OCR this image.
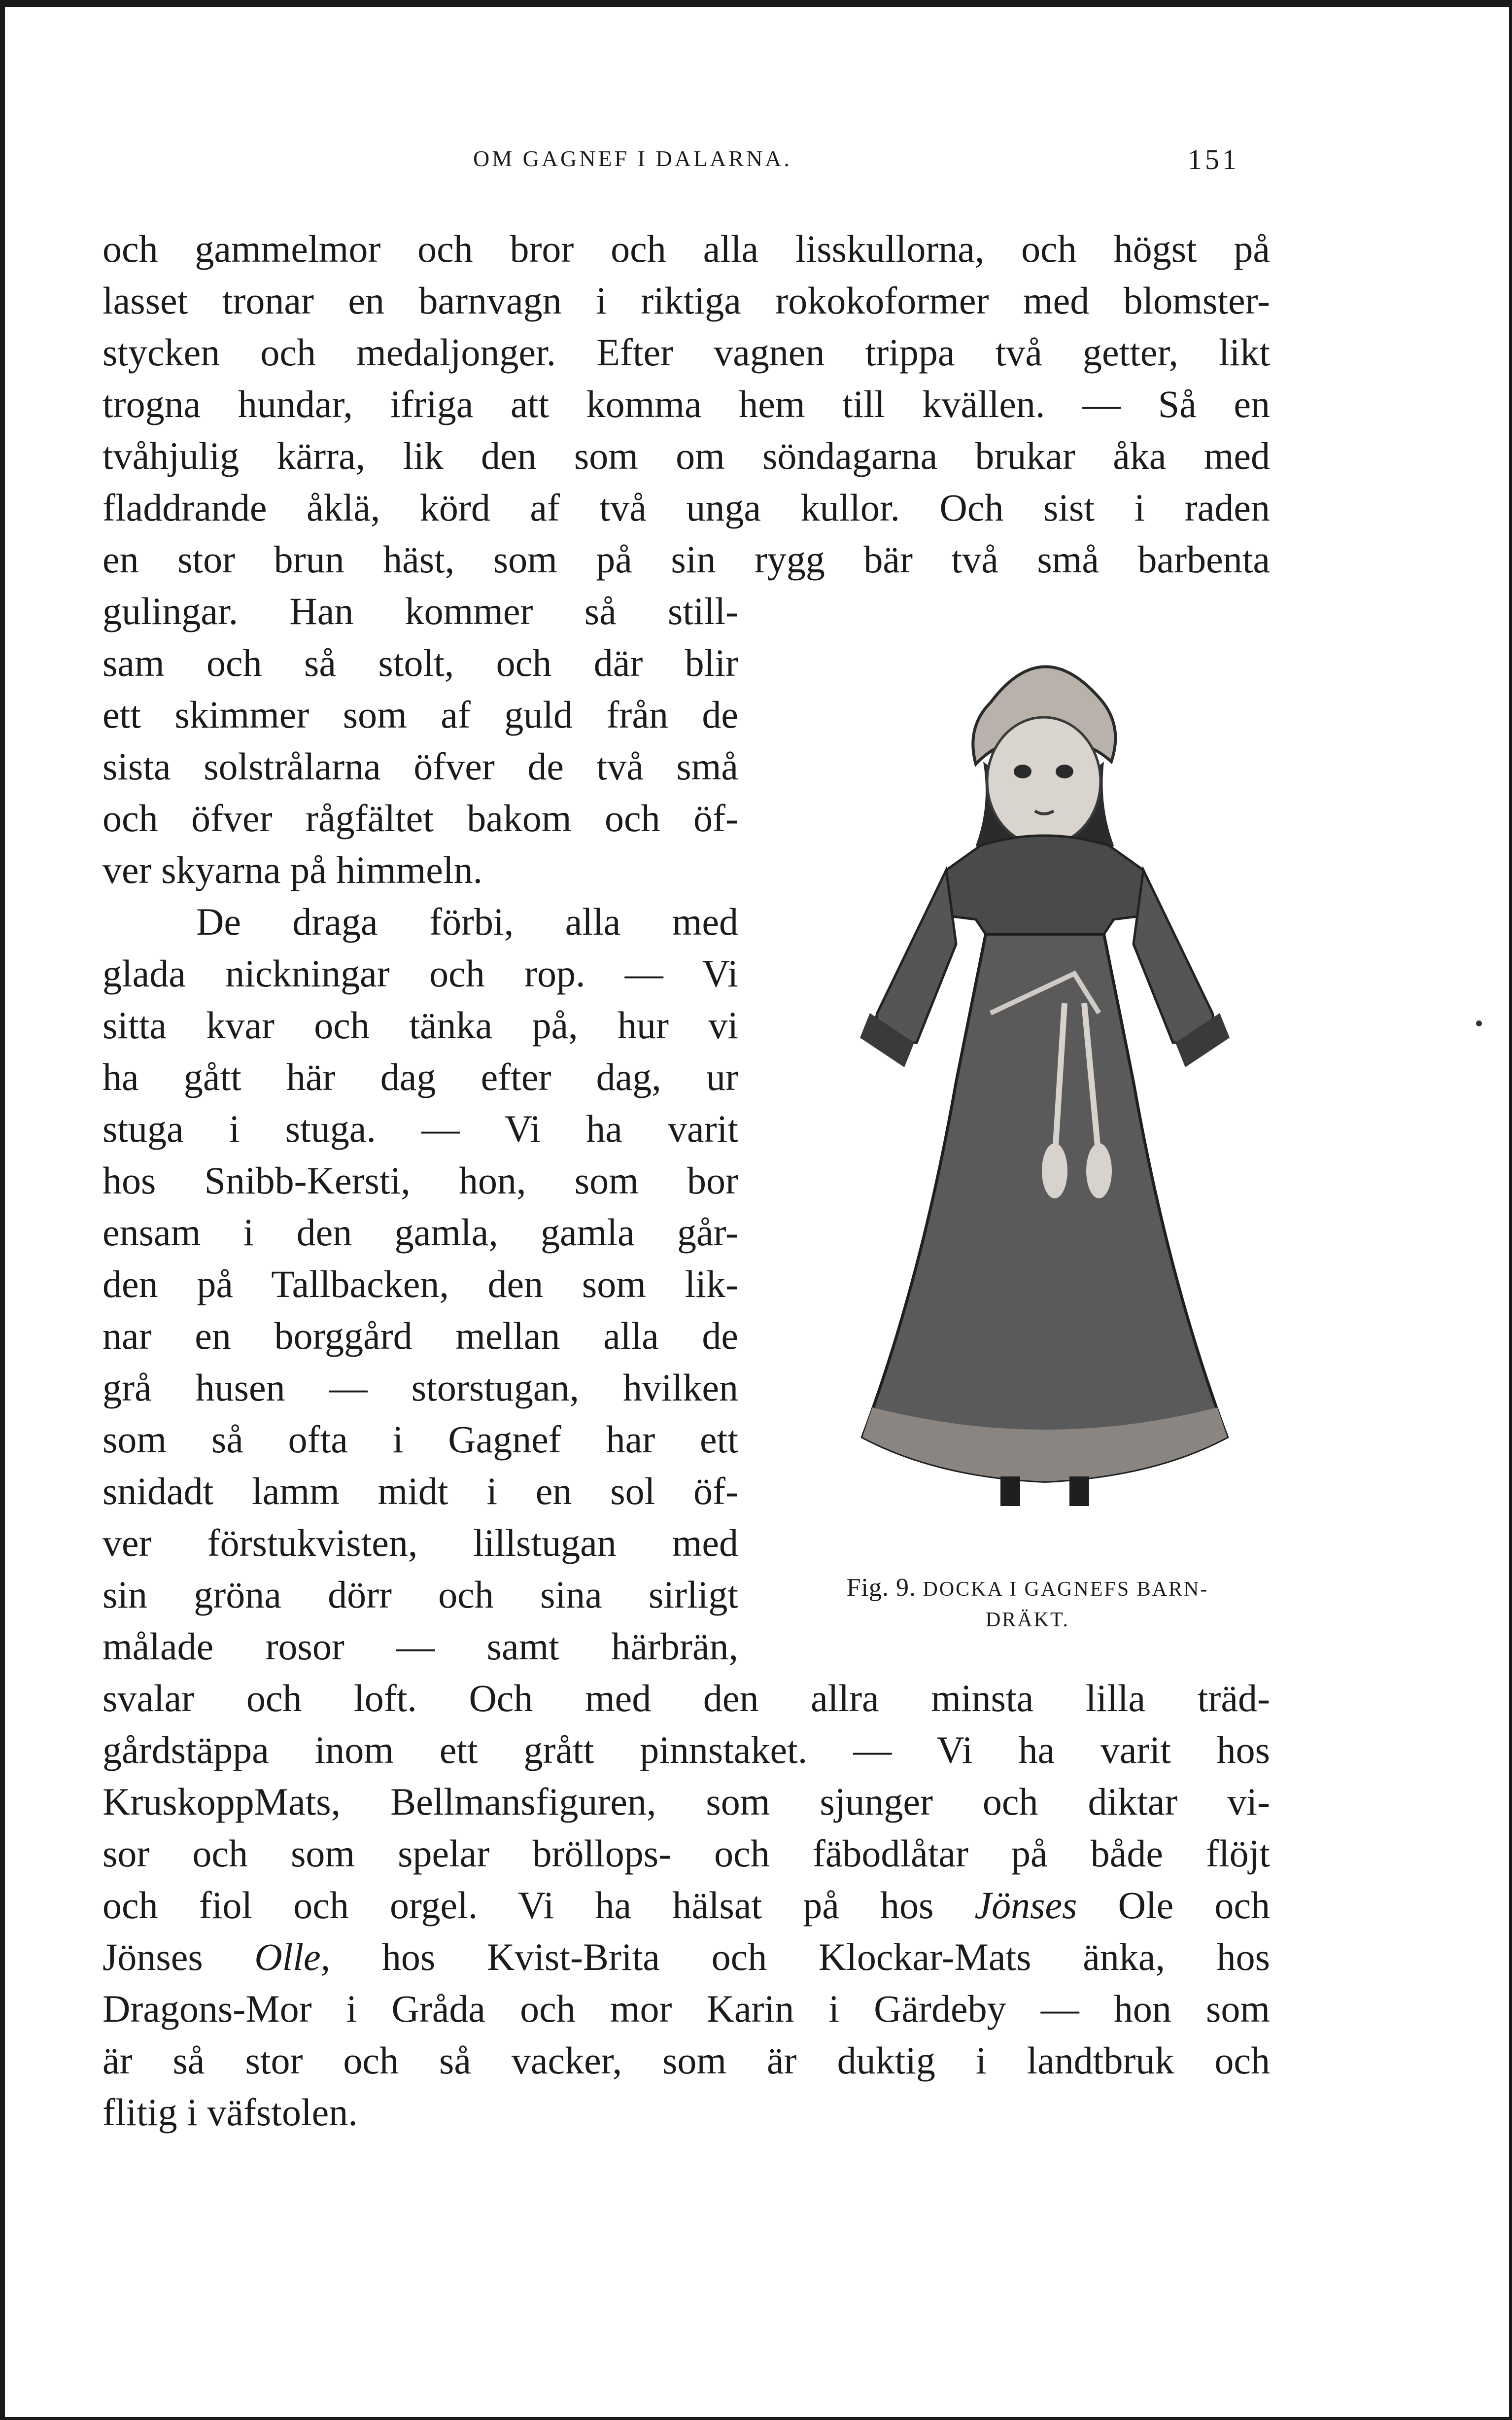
OM GAGNEF I DALARNA.	151
och gammelmor och bror och alla lisskullorna, och högst på
lasset tronar en barnvagn i riktiga rokokoformer med blomster-
stycken och medaljonger. Efter vagnen trippa två getter, likt
trogna hundar, ifriga att komma hem till kvällen. — Så en
tvåhjulig kärra, lik den som om söndagarna brukar åka med
fladdrande åklä, körd af två unga kullor. Och sist i raden
en stor brun häst, som på sin rygg bär två små barbenta
gulingar. Han kommer så still-
sam och så stolt, och där blir
ett skimmer som af guld från de
sista solstrålarna öfver de två små
och öfver rågfältet bakom och öf-
ver skyarna på himmeln.
De draga förbi, alla med
glada nickningar och rop. — Vi
sitta kvar och tänka på, hur vi
ha gått här dag efter dag, ur
stuga i stuga. — Vi ha varit
hos Snibb-Kersti, hon, som bor
ensam i den gamla, gamla går-
den på Tallbacken, den som lik-
nar en borggård mellan alla de
grå husen — storstugan, hvilken
som så ofta i Gagnef har ett
snidadt lamm midt i en sol öf-
ver förstukvisten, lillstugan med
sin gröna dörr och sina sirligt
målade rosor — samt härbrän,
svalar och loft. Och med den allra minsta lilla träd-
gårdstäppa inom ett grått pinnstaket. — Vi ha varit hos
KruskoppMats, Bellmansfiguren, som sjunger och diktar vi-
sor och som spelar bröllops- och fäbodlåtar på både flöjt
och fiol och orgel. Vi ha hälsat på hos Jönses Ole och
Jönses Olle, hos Kvist-Brita och Klockar-Mats änka, hos
Dragons-Mor i Gråda och mor Karin i Gärdeby — hon som
är så stor och så vacker, som är duktig i landtbruk och
flitig i väfstolen.
Fig. 9. DOCKA I GAGNEFS BARN-
DRÄKT.
